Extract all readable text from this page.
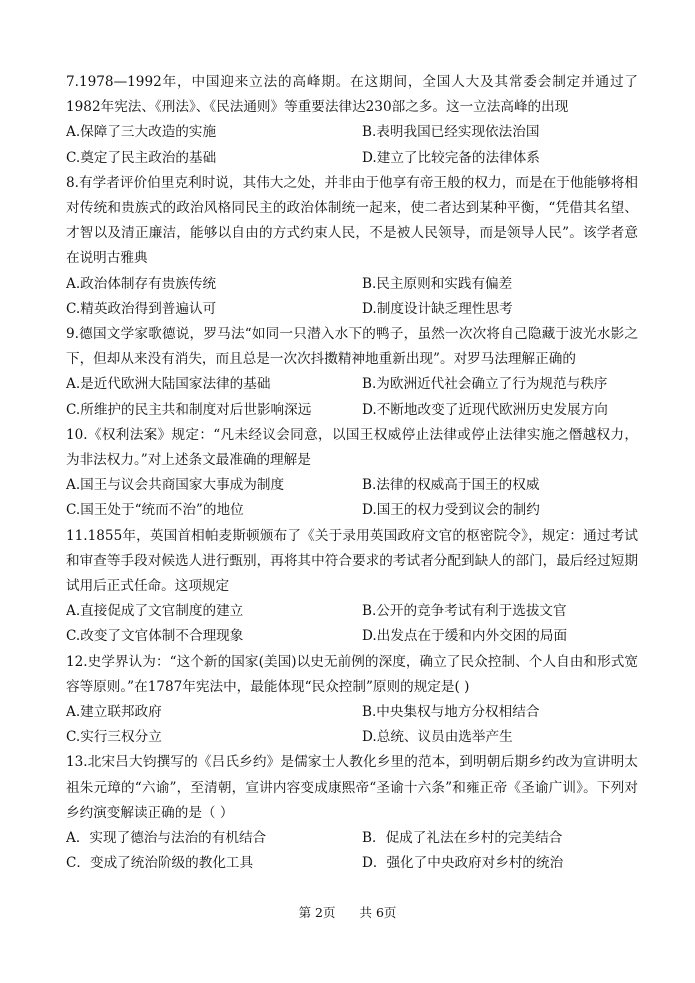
7.1978—1992年，中国迎来立法的高峰期。在这期间，全国人大及其常委会制定并通过了1982年宪法、《刑法》、《民法通则》等重要法律达230部之多。这一立法高峰的出现

A.保障了三大改造的实施	B.表明我国已经实现依法治国
C.奠定了民主政治的基础	D.建立了比较完备的法律体系

8.有学者评价伯里克利时说，其伟大之处，并非由于他享有帝王般的权力，而是在于他能够将相对传统和贵族式的政治风格同民主的政治体制统一起来，使二者达到某种平衡，“凭借其名望、才智以及清正廉洁，能够以自由的方式约束人民，不是被人民领导，而是领导人民”。该学者意在说明古雅典

A.政治体制存有贵族传统	B.民主原则和实践有偏差
C.精英政治得到普遍认可	D.制度设计缺乏理性思考

9.德国文学家歌德说，罗马法“如同一只潜入水下的鸭子，虽然一次次将自己隐藏于波光水影之下，但却从来没有消失，而且总是一次次抖擞精神地重新出现”。对罗马法理解正确的

A.是近代欧洲大陆国家法律的基础	B.为欧洲近代社会确立了行为规范与秩序
C.所维护的民主共和制度对后世影响深远	D.不断地改变了近现代欧洲历史发展方向

10.《权利法案》规定：“凡未经议会同意，以国王权威停止法律或停止法律实施之僭越权力，为非法权力。”对上述条文最准确的理解是

A.国王与议会共商国家大事成为制度	B.法律的权威高于国王的权威
C.国王处于“统而不治”的地位	D.国王的权力受到议会的制约

11.1855年，英国首相帕麦斯顿颁布了《关于录用英国政府文官的枢密院令》，规定：通过考试和审查等手段对候选人进行甄别，再将其中符合要求的考试者分配到缺人的部门，最后经过短期试用后正式任命。这项规定

A.直接促成了文官制度的建立	B.公开的竞争考试有利于选拔文官
C.改变了文官体制不合理现象	D.出发点在于缓和内外交困的局面

12.史学界认为：“这个新的国家(美国)以史无前例的深度，确立了民众控制、个人自由和形式宽容等原则。”在1787年宪法中，最能体现“民众控制”原则的规定是( )

A.建立联邦政府	B.中央集权与地方分权相结合
C.实行三权分立	D.总统、议员由选举产生

13.北宋吕大钧撰写的《吕氏乡约》是儒家士人教化乡里的范本，到明朝后期乡约改为宣讲明太祖朱元璋的“六谕”，至清朝，宣讲内容变成康熙帝“圣谕十六条”和雍正帝《圣谕广训》。下列对乡约演变解读正确的是（ ）

A．实现了德治与法治的有机结合	B．促成了礼法在乡村的完美结合
C．变成了统治阶级的教化工具	D．强化了中央政府对乡村的统治
第 2页 共 6页
